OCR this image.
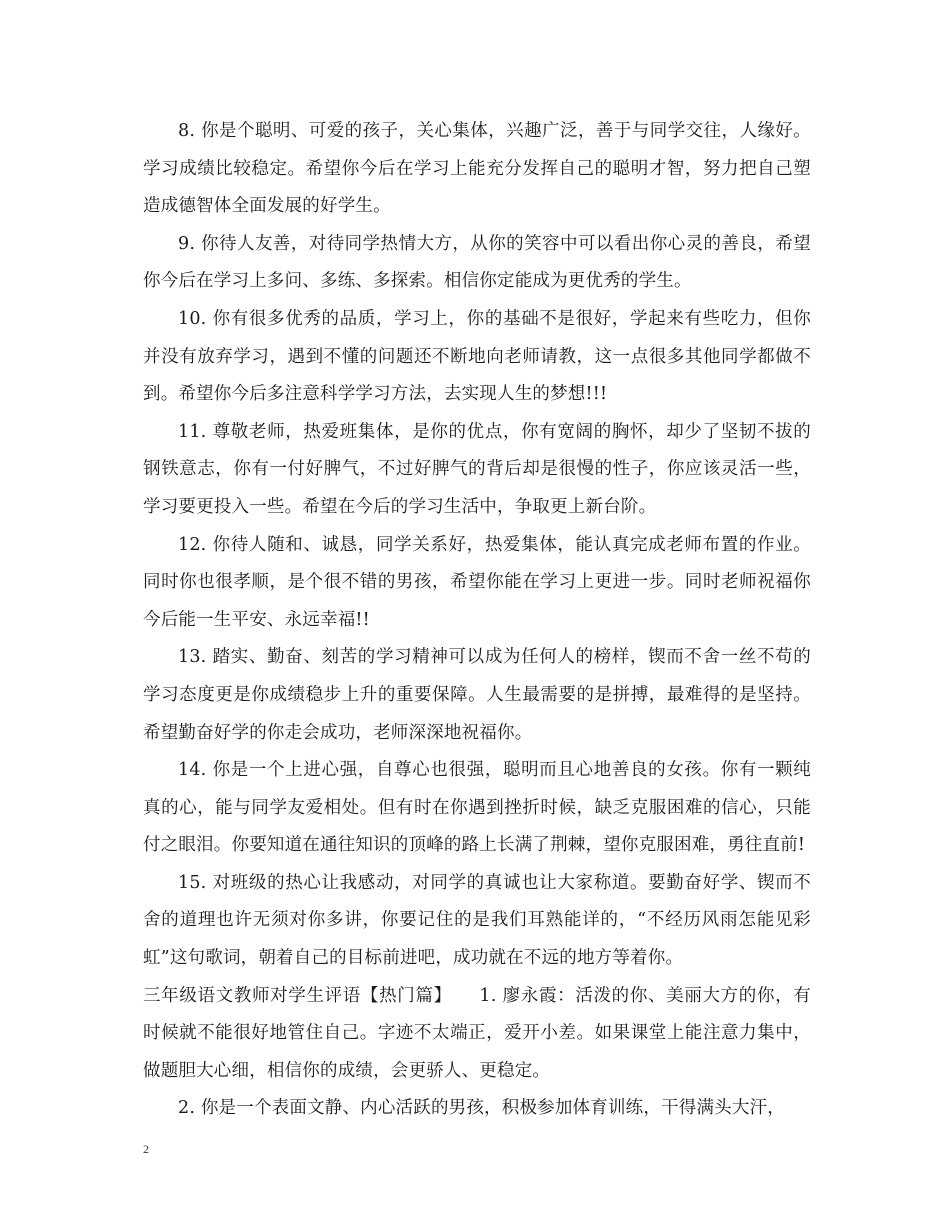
8. 你是个聪明、可爱的孩子，关心集体，兴趣广泛，善于与同学交往，人缘好。学习成绩比较稳定。希望你今后在学习上能充分发挥自己的聪明才智，努力把自己塑造成德智体全面发展的好学生。

9. 你待人友善，对待同学热情大方，从你的笑容中可以看出你心灵的善良，希望你今后在学习上多问、多练、多探索。相信你定能成为更优秀的学生。

10. 你有很多优秀的品质，学习上，你的基础不是很好，学起来有些吃力，但你并没有放弃学习，遇到不懂的问题还不断地向老师请教，这一点很多其他同学都做不到。希望你今后多注意科学学习方法，去实现人生的梦想!!!

11. 尊敬老师，热爱班集体，是你的优点，你有宽阔的胸怀，却少了坚韧不拔的钢铁意志，你有一付好脾气，不过好脾气的背后却是很慢的性子，你应该灵活一些，学习要更投入一些。希望在今后的学习生活中，争取更上新台阶。

12. 你待人随和、诚恳，同学关系好，热爱集体，能认真完成老师布置的作业。同时你也很孝顺，是个很不错的男孩，希望你能在学习上更进一步。同时老师祝福你今后能一生平安、永远幸福!!

13. 踏实、勤奋、刻苦的学习精神可以成为任何人的榜样，锲而不舍一丝不苟的学习态度更是你成绩稳步上升的重要保障。人生最需要的是拼搏，最难得的是坚持。希望勤奋好学的你走会成功，老师深深地祝福你。

14. 你是一个上进心强，自尊心也很强，聪明而且心地善良的女孩。你有一颗纯真的心，能与同学友爱相处。但有时在你遇到挫折时候，缺乏克服困难的信心，只能付之眼泪。你要知道在通往知识的顶峰的路上长满了荆棘，望你克服困难，勇往直前!

15. 对班级的热心让我感动，对同学的真诚也让大家称道。要勤奋好学、锲而不舍的道理也许无须对你多讲，你要记住的是我们耳熟能详的，“不经历风雨怎能见彩虹”这句歌词，朝着自己的目标前进吧，成功就在不远的地方等着你。

三年级语文教师对学生评语【热门篇】　　1. 廖永霞：活泼的你、美丽大方的你，有时候就不能很好地管住自己。字迹不太端正，爱开小差。如果课堂上能注意力集中，做题胆大心细，相信你的成绩，会更骄人、更稳定。

2. 你是一个表面文静、内心活跃的男孩，积极参加体育训练，干得满头大汗，

2
